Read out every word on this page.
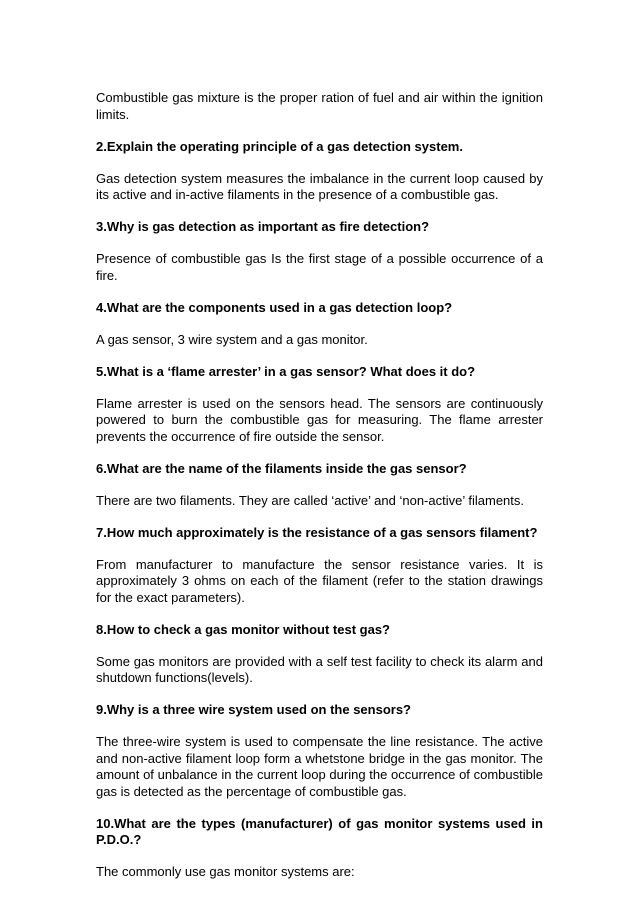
Combustible gas mixture is the proper ration of fuel and air within the ignition limits.

2.Explain the operating principle of a gas detection system.

Gas detection system measures the imbalance in the current loop caused by its active and in-active filaments in the presence of a combustible gas.

3.Why is gas detection as important as fire detection?

Presence of combustible gas Is the first stage of a possible occurrence of a fire.

4.What are the components used in a gas detection loop?

A gas sensor, 3 wire system and a gas monitor.

5.What is a ‘flame arrester’ in a gas sensor? What does it do?

Flame arrester is used on the sensors head. The sensors are continuously powered to burn the combustible gas for measuring. The flame arrester prevents the occurrence of fire outside the sensor.

6.What are the name of the filaments inside the gas sensor?

There are two filaments. They are called ‘active’ and ‘non-active’ filaments.

7.How much approximately is the resistance of a gas sensors filament?

From manufacturer to manufacture the sensor resistance varies. It is approximately 3 ohms on each of the filament (refer to the station drawings for the exact parameters).

8.How to check a gas monitor without test gas?

Some gas monitors are provided with a self test facility to check its alarm and shutdown functions(levels).

9.Why is a three wire system used on the sensors?

The three-wire system is used to compensate the line resistance. The active and non-active filament loop form a whetstone bridge in the gas monitor. The amount of unbalance in the current loop during the occurrence of combustible gas is detected as the percentage of combustible gas.

10.What are the types (manufacturer) of gas monitor systems used in P.D.O.?

The commonly use gas monitor systems are:
